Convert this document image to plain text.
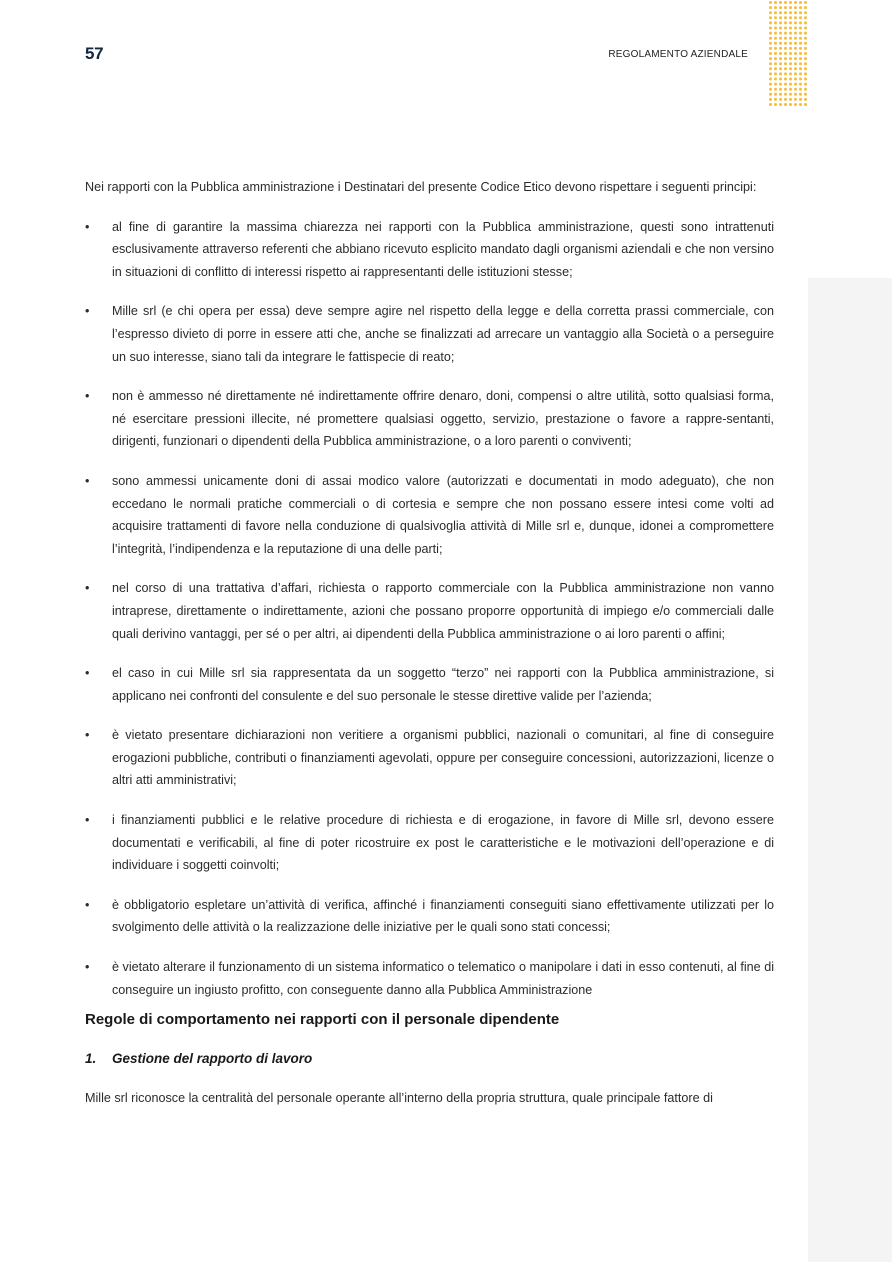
57	REGOLAMENTO AZIENDALE

Nei rapporti con la Pubblica amministrazione i Destinatari del presente Codice Etico devono rispettare i seguenti principi:

• al fine di garantire la massima chiarezza nei rapporti con la Pubblica amministrazione, questi sono intrattenuti esclusivamente attraverso referenti che abbiano ricevuto esplicito mandato dagli organismi aziendali e che non versino in situazioni di conflitto di interessi rispetto ai rappresentanti delle istituzioni stesse;
• Mille srl (e chi opera per essa) deve sempre agire nel rispetto della legge e della corretta prassi commerciale, con l’espresso divieto di porre in essere atti che, anche se finalizzati ad arrecare un vantaggio alla Società o a perseguire un suo interesse, siano tali da integrare le fattispecie di reato;
• non è ammesso né direttamente né indirettamente offrire denaro, doni, compensi o altre utilità, sotto qualsiasi forma, né esercitare pressioni illecite, né promettere qualsiasi oggetto, servizio, prestazione o favore a rappre-sentanti, dirigenti, funzionari o dipendenti della Pubblica amministrazione, o a loro parenti o conviventi;
• sono ammessi unicamente doni di assai modico valore (autorizzati e documentati in modo adeguato), che non eccedano le normali pratiche commerciali o di cortesia e sempre che non possano essere intesi come volti ad acquisire trattamenti di favore nella conduzione di qualsivoglia attività di Mille srl e, dunque, idonei a compromettere l’integrità, l’indipendenza e la reputazione di una delle parti;
• nel corso di una trattativa d’affari, richiesta o rapporto commerciale con la Pubblica amministrazione non vanno intraprese, direttamente o indirettamente, azioni che possano proporre opportunità di impiego e/o commerciali dalle quali derivino vantaggi, per sé o per altri, ai dipendenti della Pubblica amministrazione o ai loro parenti o affini;
• el caso in cui Mille srl sia rappresentata da un soggetto “terzo” nei rapporti con la Pubblica amministrazione, si applicano nei confronti del consulente e del suo personale le stesse direttive valide per l’azienda;
• è vietato presentare dichiarazioni non veritiere a organismi pubblici, nazionali o comunitari, al fine di conseguire erogazioni pubbliche, contributi o finanziamenti agevolati, oppure per conseguire concessioni, autorizzazioni, licenze o altri atti amministrativi;
• i finanziamenti pubblici e le relative procedure di richiesta e di erogazione, in favore di Mille srl, devono essere documentati e verificabili, al fine di poter ricostruire ex post le caratteristiche e le motivazioni dell’operazione e di individuare i soggetti coinvolti;
• è obbligatorio espletare un’attività di verifica, affinché i finanziamenti conseguiti siano effettivamente utilizzati per lo svolgimento delle attività o la realizzazione delle iniziative per le quali sono stati concessi;
• è vietato alterare il funzionamento di un sistema informatico o telematico o manipolare i dati in esso contenuti, al fine di conseguire un ingiusto profitto, con conseguente danno alla Pubblica Amministrazione
Regole di comportamento nei rapporti con il personale dipendente
1.	Gestione del rapporto di lavoro

Mille srl riconosce la centralità del personale operante all’interno della propria struttura, quale principale fattore di
